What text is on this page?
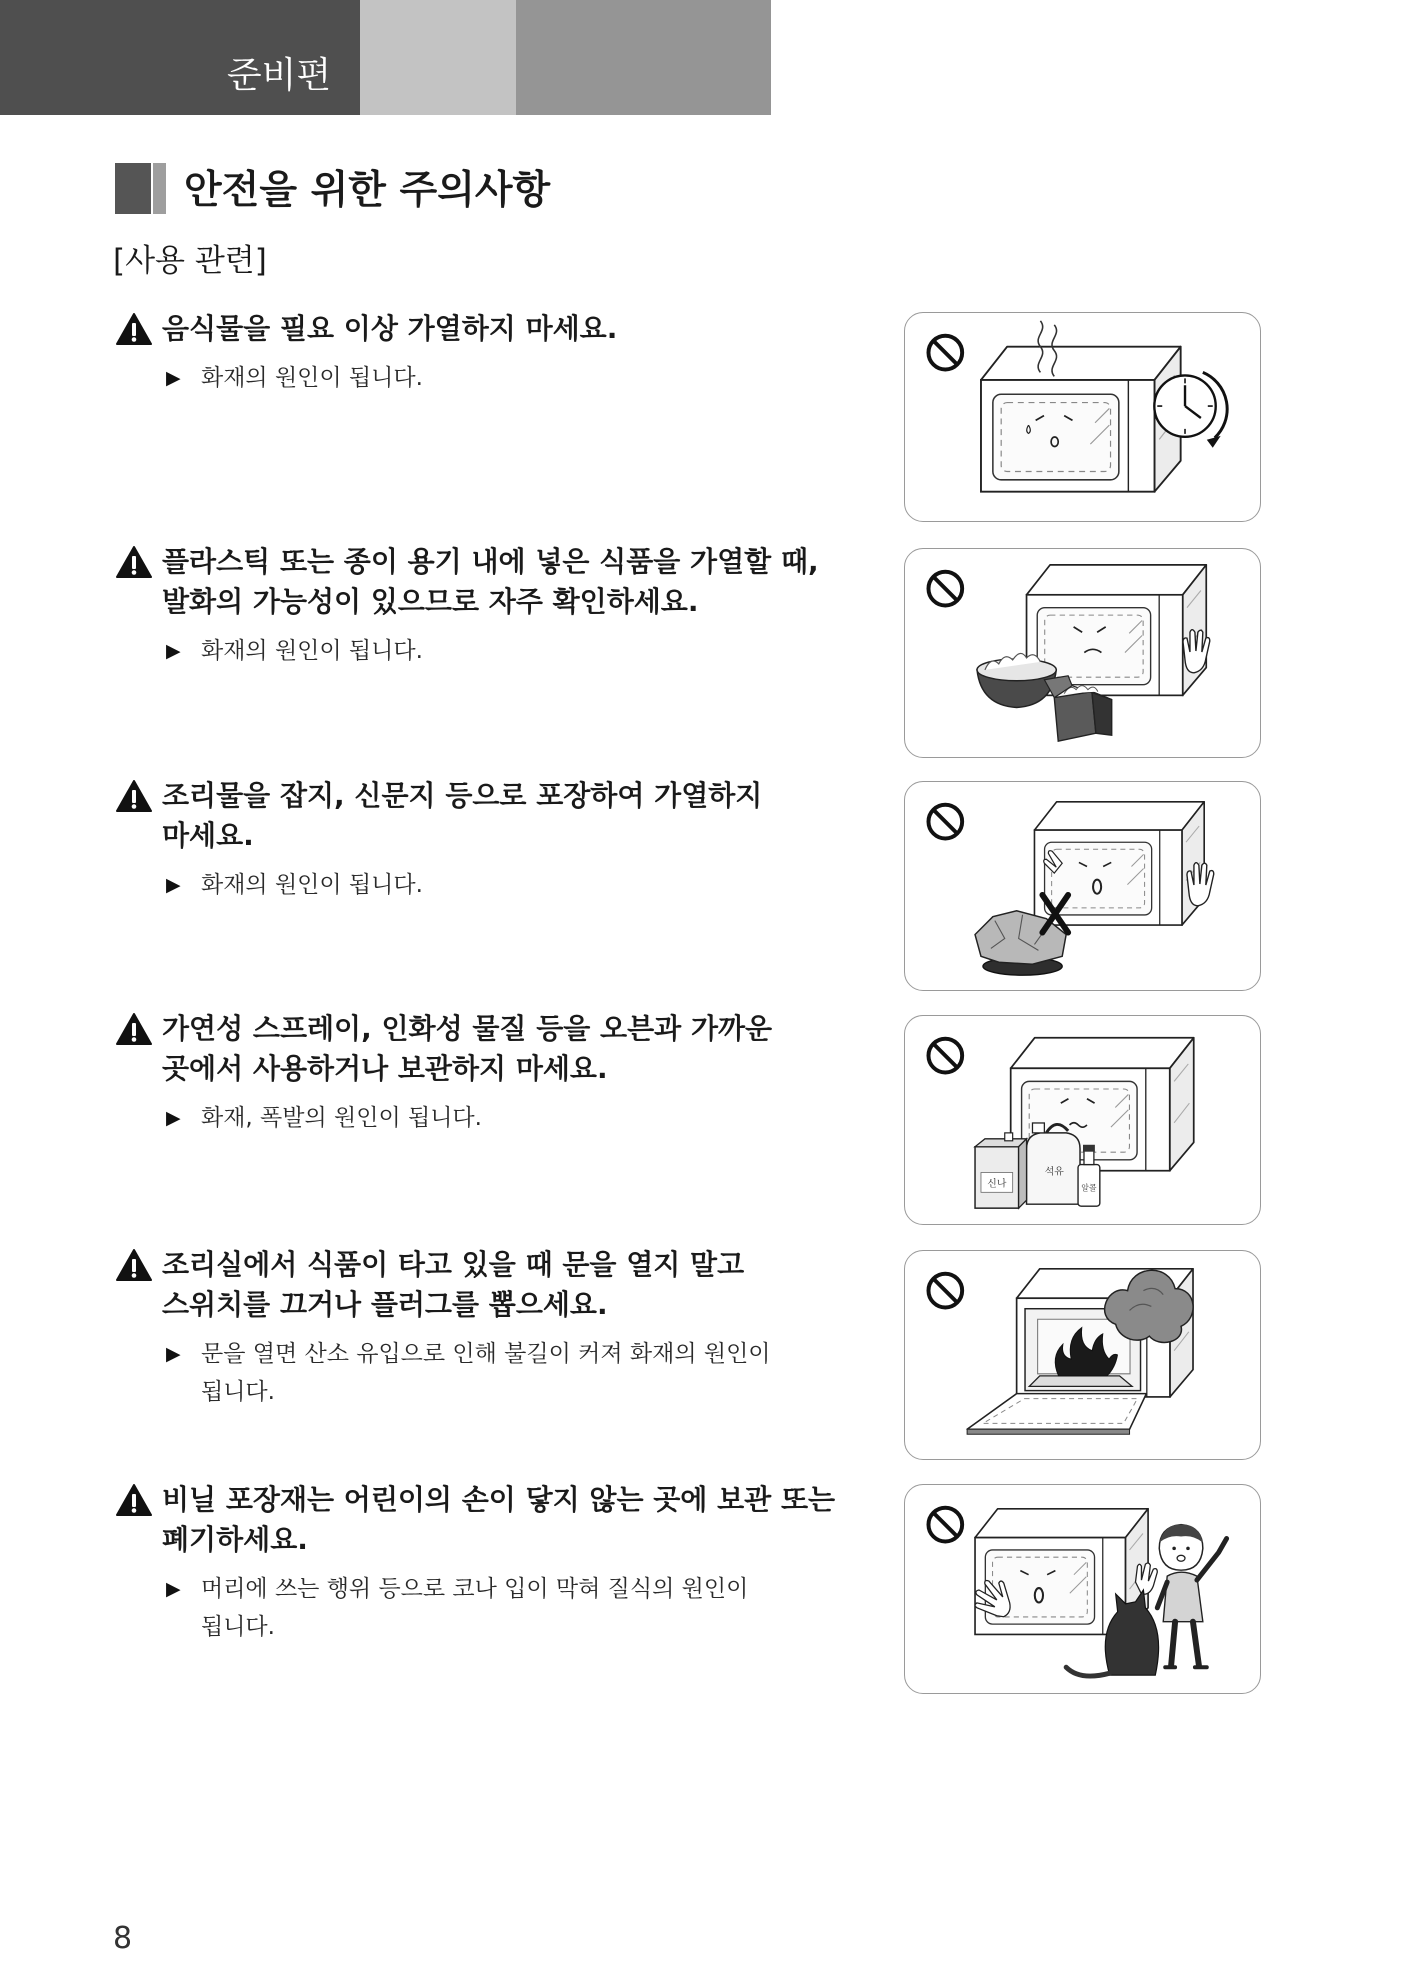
준비편
안전을 위한 주의사항
[사용 관련]
음식물을 필요 이상 가열하지 마세요.
▶ 화재의 원인이 됩니다.
플라스틱 또는 종이 용기 내에 넣은 식품을 가열할 때,
발화의 가능성이 있으므로 자주 확인하세요.
▶ 화재의 원인이 됩니다.
조리물을 잡지, 신문지 등으로 포장하여 가열하지
마세요.
▶ 화재의 원인이 됩니다.
가연성 스프레이, 인화성 물질 등을 오븐과 가까운
곳에서 사용하거나 보관하지 마세요.
▶ 화재, 폭발의 원인이 됩니다.
조리실에서 식품이 타고 있을 때 문을 열지 말고
스위치를 끄거나 플러그를 뽑으세요.
▶ 문을 열면 산소 유입으로 인해 불길이 커져 화재의 원인이
됩니다.
비닐 포장재는 어린이의 손이 닿지 않는 곳에 보관 또는
폐기하세요.
▶ 머리에 쓰는 행위 등으로 코나 입이 막혀 질식의 원인이
됩니다.
석유
신나	알콜
8
